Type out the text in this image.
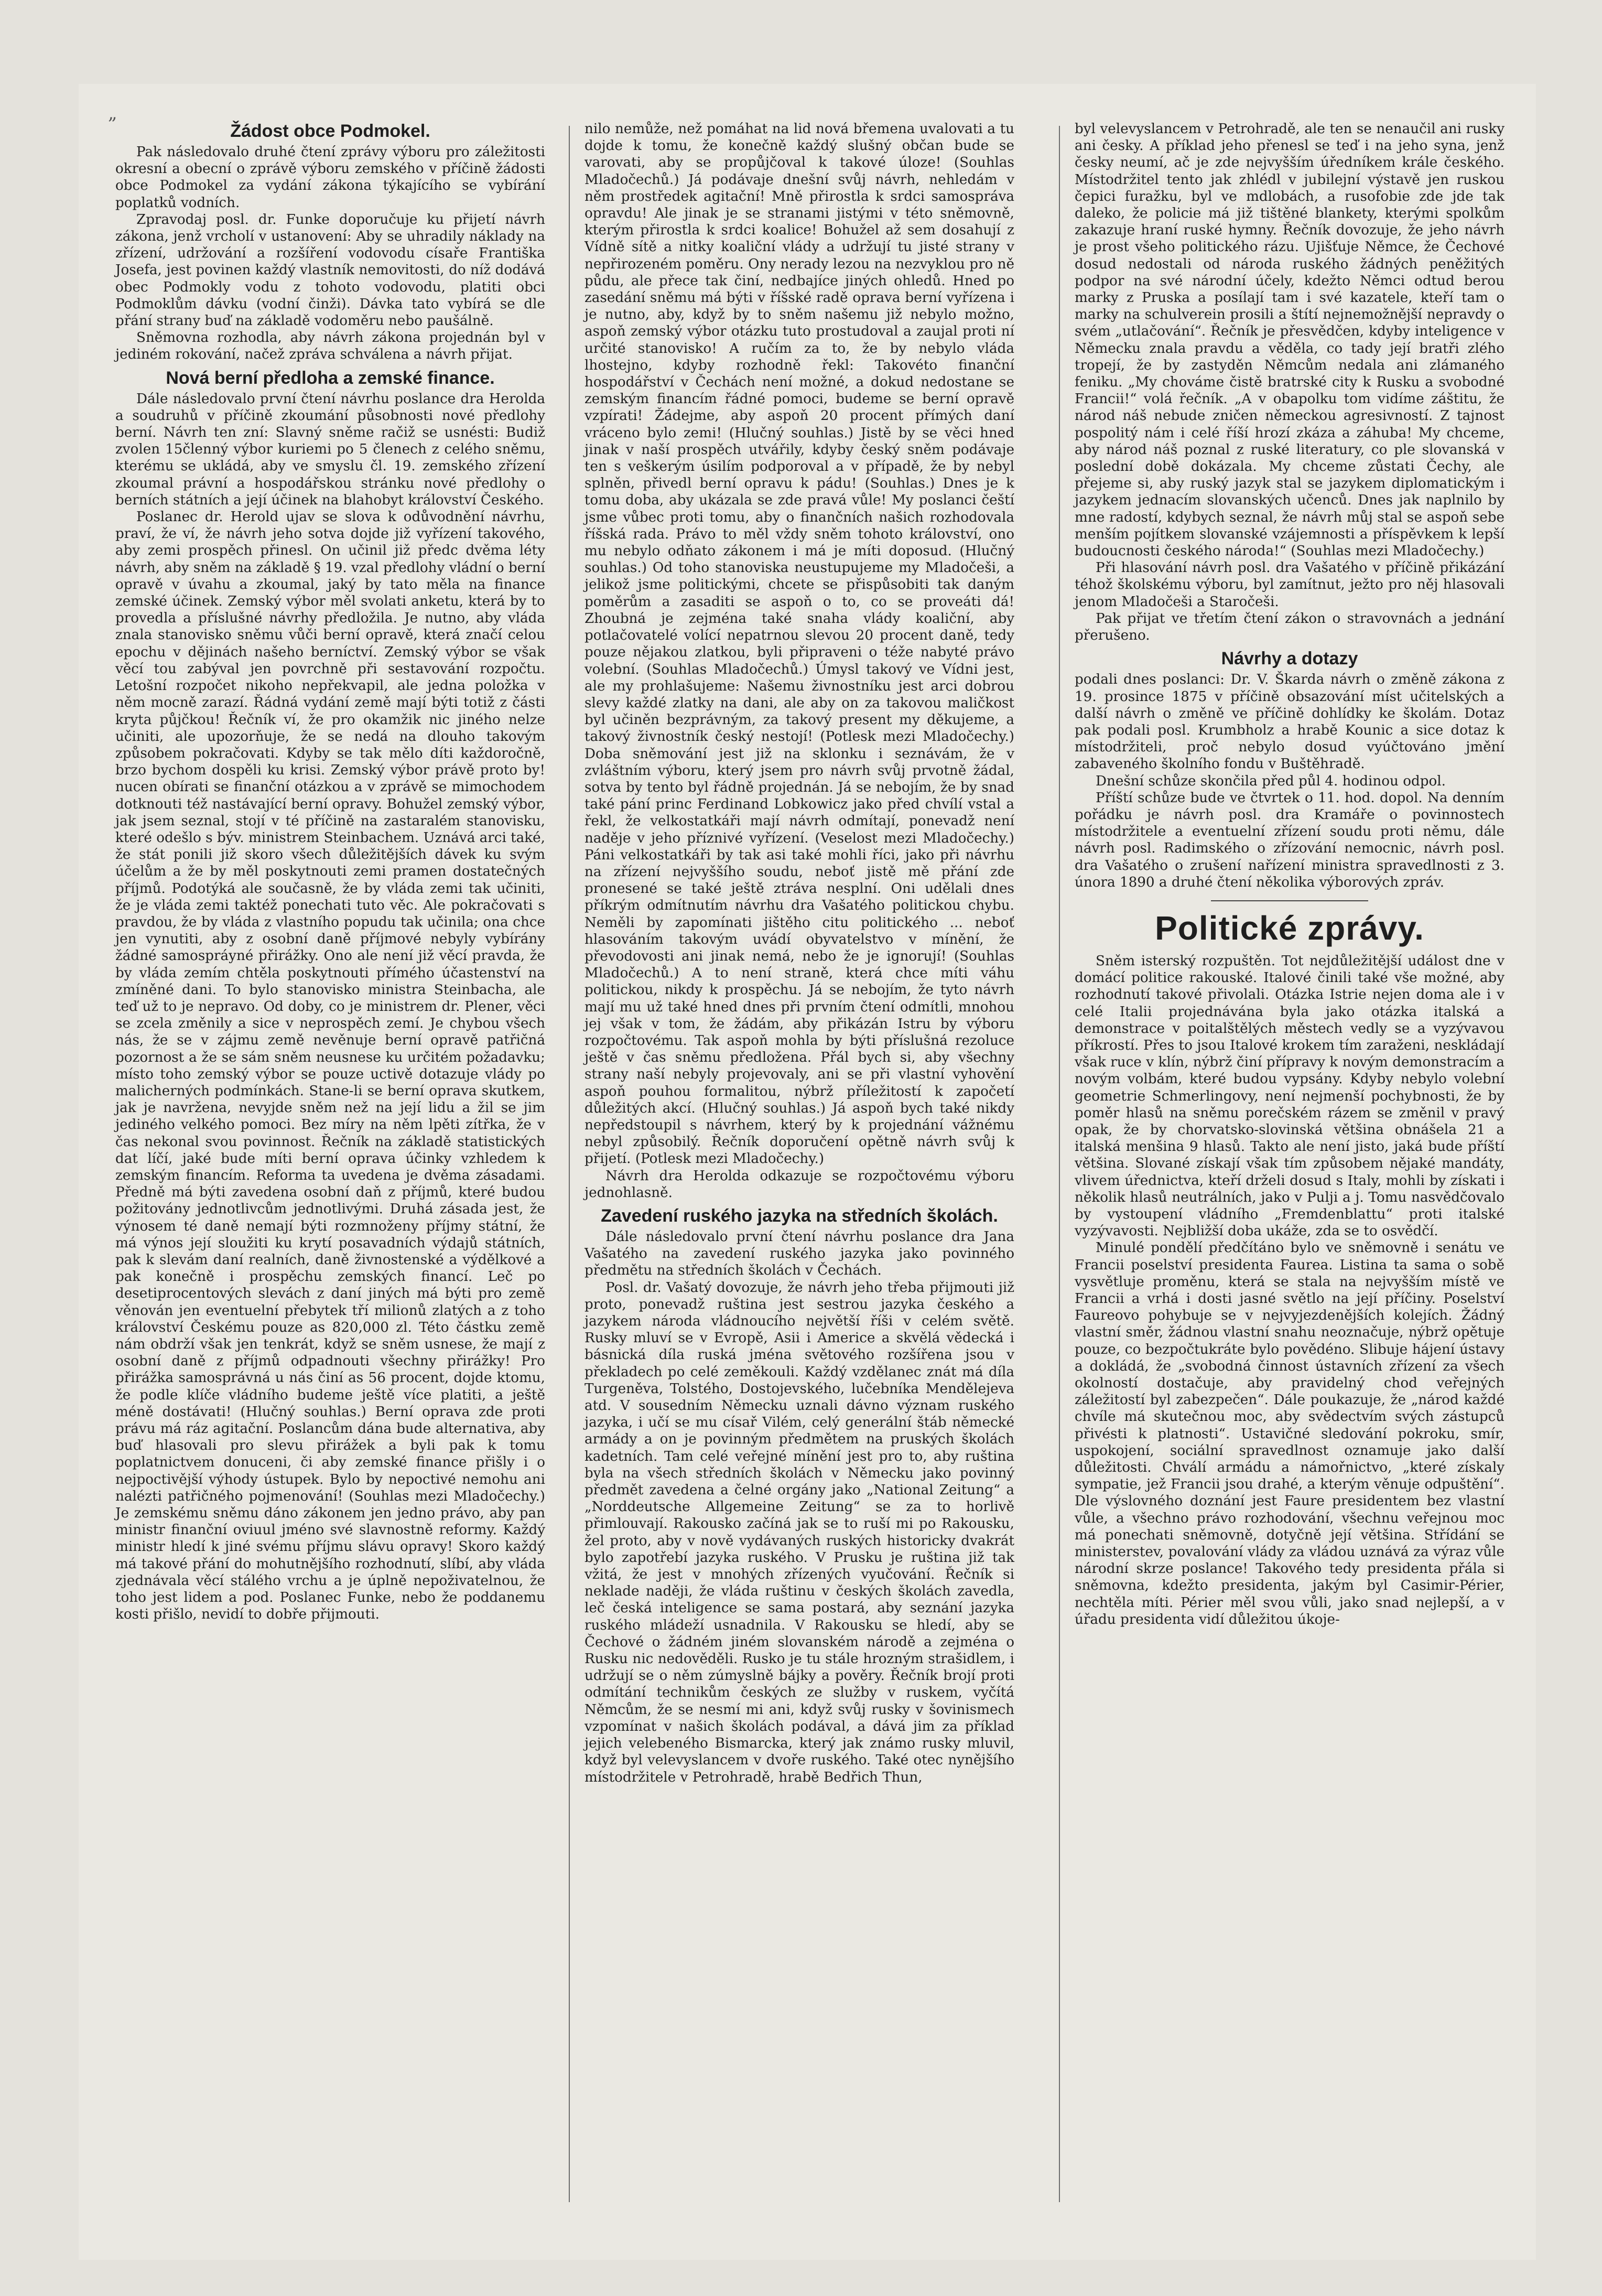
„
Žádost obce Podmokel.

Pak následovalo druhé čtení zprávy výboru pro záležitosti okresní a obecní o zprávě výboru zemského v příčině žádosti obce Podmokel za vydání zákona týkajícího se vybírání poplatků vodních.

Zpravodaj posl. dr. Funke doporučuje ku přijetí návrh zákona, jenž vrcholí v ustanovení: Aby se uhradily náklady na zřízení, udržování a rozšíření vodovodu císaře Františka Josefa, jest povinen každý vlastník nemovitosti, do níž dodává obec Podmokly vodu z tohoto vodovodu, platiti obci Podmoklům dávku (vodní činži). Dávka tato vybírá se dle přání strany buď na základě vodoměru nebo paušálně.

Sněmovna rozhodla, aby návrh zákona projednán byl v jediném rokování, načež zpráva schválena a návrh přijat.

Nová berní předloha a zemské finance.

Dále následovalo první čtení návrhu poslance dra Herolda a soudruhů v příčině zkoumání působnosti nové předlohy berní. Návrh ten zní: Slavný sněme račiž se usnésti: Budiž zvolen 15členný výbor kuriemi po 5 členech z celého sněmu, kterému se ukládá, aby ve smyslu čl. 19. zemského zřízení zkoumal právní a hospodářskou stránku nové předlohy o berních státních a její účinek na blahobyt království Českého.

Poslanec dr. Herold ujav se slova k odůvodnění návrhu, praví, že ví, že návrh jeho sotva dojde již vyřízení takového, aby zemi prospěch přinesl. On učinil již předc dvěma léty návrh, aby sněm na základě § 19. vzal předlohy vládní o berní opravě v úvahu a zkoumal, jaký by tato měla na finance zemské účinek. Zemský výbor měl svolati anketu, která by to provedla a příslušné návrhy předložila. Je nutno, aby vláda znala stanovisko sněmu vůči berní opravě, která značí celou epochu v dějinách našeho berníctví. Zemský výbor se však věcí tou zabýval jen povrchně při sestavování rozpočtu. Letošní rozpočet nikoho nepřekvapil, ale jedna položka v něm mocně zarazí. Řádná vydání země mají býti totiž z části kryta půjčkou! Řečník ví, že pro okamžik nic jiného nelze učiniti, ale upozorňuje, že se nedá na dlouho takovým způsobem pokračovati. Kdyby se tak mělo díti každoročně, brzo bychom dospěli ku krisi. Zemský výbor právě proto by! nucen obírati se finanční otázkou a v zprávě se mimochodem dotknouti též nastávající berní opravy. Bohužel zemský výbor, jak jsem seznal, stojí v té příčině na zastaralém stanovisku, které odešlo s býv. ministrem Steinbachem. Uznává arci také, že stát ponili již skoro všech důležitějších dávek ku svým účelům a že by měl poskytnouti zemi pramen dostatečných příjmů. Podotýká ale současně, že by vláda zemi tak učiniti, že je vláda zemi taktéž ponechati tuto věc. Ale pokračovati s pravdou, že by vláda z vlastního popudu tak učinila; ona chce jen vynutiti, aby z osobní daně příjmové nebyly vybírány žádné samospráyné přirážky. Ono ale není již věcí pravda, že by vláda zemím chtěla poskytnouti přímého účastenství na zmíněné dani. To bylo stanovisko ministra Steinbacha, ale teď už to je nepravo. Od doby, co je ministrem dr. Plener, věci se zcela změnily a sice v neprospěch zemí. Je chybou všech nás, že se v zájmu země nevěnuje berní opravě patřičná pozornost a že se sám sněm neusnese ku určitém požadavku; místo toho zemský výbor se pouze uctivě dotazuje vlády po malicherných podmínkách. Stane-li se berní oprava skutkem, jak je navržena, nevyjde sněm než na její lidu a žil se jim jediného velkého pomoci. Bez míry na něm lpěti zítřka, že v čas nekonal svou povinnost. Řečník na základě statistických dat líčí, jaké bude míti berní oprava účinky vzhledem k zemským financím. Reforma ta uvedena je dvěma zásadami. Předně má býti zavedena osobní daň z příjmů, které budou požitovány jednotlivcům jednotlivými. Druhá zásada jest, že výnosem té daně nemají býti rozmnoženy příjmy státní, že má výnos její sloužiti ku krytí posavadních výdajů státních, pak k slevám daní realních, daně živnostenské a výdělkové a pak konečně i prospěchu zemských financí. Leč po desetiprocentových slevách z daní jiných má býti pro země věnován jen eventuelní přebytek tří milionů zlatých a z toho království Českému pouze as 820,000 zl. Této částku země nám obdrží však jen tenkrát, když se sněm usnese, že mají z osobní daně z příjmů odpadnouti všechny přirážky! Pro přirážka samosprávná u nás činí as 56 procent, dojde ktomu, že podle klíče vládního budeme ještě více platiti, a ještě méně dostávati! (Hlučný souhlas.) Berní oprava zde proti právu má ráz agitační. Poslancům dána bude alternativa, aby buď hlasovali pro slevu přirážek a byli pak k tomu poplatnictvem donuceni, či aby zemské finance přišly i o nejpoctivější výhody ústupek. Bylo by nepoctivé nemohu ani nalézti patřičného pojmenování! (Souhlas mezi Mladočechy.) Je zemskému sněmu dáno zákonem jen jedno právo, aby pan ministr finanční oviuul jméno své slavnostně reformy. Každý ministr hledí k jiné svému příjmu slávu opravy! Skoro každý má takové přání do mohutnějšího rozhodnutí, slíbí, aby vláda zjednávala věcí stálého vrchu a je úplně nepoživatelnou, že toho jest lidem a pod. Poslanec Funke, nebo že poddanemu kosti přišlo, nevidí to dobře přijmouti.

nilo nemůže, než pomáhat na lid nová břemena uvalovati a tu dojde k tomu, že konečně každý slušný občan bude se varovati, aby se propůjčoval k takové úloze! (Souhlas Mladočechů.) Já podávaje dnešní svůj návrh, nehledám v něm prostředek agitační! Mně přirostla k srdci samospráva opravdu! Ale jinak je se stranami jistými v této sněmovně, kterým přirostla k srdci koalice! Bohužel až sem dosahují z Vídně sítě a nitky koaliční vlády a udržují tu jisté strany v nepřirozeném poměru. Ony nerady lezou na nezvyklou pro ně půdu, ale přece tak činí, nedbajíce jiných ohledů. Hned po zasedání sněmu má býti v říšské radě oprava berní vyřízena i je nutno, aby, když by to sněm našemu již nebylo možno, aspoň zemský výbor otázku tuto prostudoval a zaujal proti ní určité stanovisko! A ručím za to, že by nebylo vláda lhostejno, kdyby rozhodně řekl: Takovéto finanční hospodářství v Čechách není možné, a dokud nedostane se zemským financím řádné pomoci, budeme se berní opravě vzpírati! Žádejme, aby aspoň 20 procent přímých daní vráceno bylo zemi! (Hlučný souhlas.) Jistě by se věci hned jinak v naší prospěch utvářily, kdyby český sněm podávaje ten s veškerým úsilím podporoval a v případě, že by nebyl splněn, přivedl berní opravu k pádu! (Souhlas.) Dnes je k tomu doba, aby ukázala se zde pravá vůle! My poslanci čeští jsme vůbec proti tomu, aby o finančních našich rozhodovala říšská rada. Právo to měl vždy sněm tohoto království, ono mu nebylo odňato zákonem i má je míti doposud. (Hlučný souhlas.) Od toho stanoviska neustupujeme my Mladočeši, a jelikož jsme politickými, chcete se přispůsobiti tak daným poměrům a zasaditi se aspoň o to, co se proveáti dá! Zhoubná je zejména také snaha vlády koaliční, aby potlačovatelé volící nepatrnou slevou 20 procent daně, tedy pouze nějakou zlatkou, byli připraveni o téže nabyté právo volební. (Souhlas Mladočechů.) Úmysl takový ve Vídni jest, ale my prohlašujeme: Našemu živnostníku jest arci dobrou slevy každé zlatky na dani, ale aby on za takovou maličkost byl učiněn bezprávným, za takový present my děkujeme, a takový živnostník český nestojí! (Potlesk mezi Mladočechy.) Doba sněmování jest již na sklonku i seznávám, že v zvláštním výboru, který jsem pro návrh svůj prvotně žádal, sotva by tento byl řádně projednán. Já se nebojím, že by snad také pání princ Ferdinand Lobkowicz jako před chvílí vstal a řekl, že velkostatkáři mají návrh odmítají, ponevadž není naděje v jeho příznivé vyřízení. (Veselost mezi Mladočechy.) Páni velkostatkáři by tak asi také mohli říci, jako při návrhu na zřízení nejvyššího soudu, neboť jistě mě přání zde pronesené se také ještě ztráva nesplní. Oni udělali dnes příkrým odmítnutím návrhu dra Vašatého politickou chybu. Neměli by zapomínati jištěho citu politického ... neboť hlasováním takovým uvádí obyvatelstvo v mínění, že převodovosti ani jinak nemá, nebo že je ignorují! (Souhlas Mladočechů.) A to není straně, která chce míti váhu politickou, nikdy k prospěchu. Já se nebojím, že tyto návrh mají mu už také hned dnes při prvním čtení odmítli, mnohou jej však v tom, že žádám, aby přikázán Istru by výboru rozpočtovému. Tak aspoň mohla by býti příslušná rezoluce ještě v čas sněmu předložena. Přál bych si, aby všechny strany naší nebyly projevovaly, ani se při vlastní vyhovění aspoň pouhou formalitou, nýbrž příležitostí k započetí důležitých akcí. (Hlučný souhlas.) Já aspoň bych také nikdy nepředstoupil s návrhem, který by k projednání vážnému nebyl způsobilý. Řečník doporučení opětně návrh svůj k přijetí. (Potlesk mezi Mladočechy.)

Návrh dra Herolda odkazuje se rozpočtovému výboru jednohlasně.

Zavedení ruského jazyka na středních školách.

Dále následovalo první čtení návrhu poslance dra Jana Vašatého na zavedení ruského jazyka jako povinného předmětu na středních školách v Čechách.

Posl. dr. Vašatý dovozuje, že návrh jeho třeba přijmouti již proto, ponevadž ruština jest sestrou jazyka českého a jazykem národa vládnoucího největší říši v celém světě. Rusky mluví se v Evropě, Asii i Americe a skvělá vědecká i básnická díla ruská jména světového rozšířena jsou v překladech po celé zeměkouli. Každý vzdělanec znát má díla Turgeněva, Tolstého, Dostojevského, lučebníka Mendělejeva atd. V sousedním Německu uznali dávno význam ruského jazyka, i učí se mu císař Vilém, celý generální štáb německé armády a on je povinným předmětem na pruských školách kadetních. Tam celé veřejné mínění jest pro to, aby ruština byla na všech středních školách v Německu jako povinný předmět zavedena a čelné orgány jako „National Zeitung“ a „Norddeutsche Allgemeine Zeitung“ se za to horlivě přimlouvají. Rakousko začíná jak se to ruší mi po Rakousku, žel proto, aby v nově vydávaných ruských historicky dvakrát bylo zapotřebí jazyka ruského. V Prusku je ruština již tak vžitá, že jest v mnohých zřízených vyučování. Řečník si neklade naději, že vláda ruštinu v českých školách zavedla, leč česká inteligence se sama postará, aby seznání jazyka ruského mládeží usnadnila. V Rakousku se hledí, aby se Čechové o žádném jiném slovanském národě a zejména o Rusku nic nedověděli. Rusko je tu stále hrozným strašidlem, i udržují se o něm zúmyslně bájky a pověry. Řečník brojí proti odmítání technikům českých ze služby v ruskem, vyčítá Němcům, že se nesmí mi ani, když svůj rusky v šovinismech vzpomínat v našich školách podával, a dává jim za příklad jejich velebeného Bismarcka, který jak známo rusky mluvil, když byl velevyslancem v dvoře ruského. Také otec nynějšího místodržitele v Petrohradě, hrabě Bedřich Thun,

byl velevyslancem v Petrohradě, ale ten se nenaučil ani rusky ani česky. A příklad jeho přenesl se teď i na jeho syna, jenž česky neumí, ač je zde nejvyšším úředníkem krále českého. Místodržitel tento jak zhlédl v jubilejní výstavě jen ruskou čepici furažku, byl ve mdlobách, a rusofobie zde jde tak daleko, že policie má již tištěné blankety, kterými spolkům zakazuje hraní ruské hymny. Řečník dovozuje, že jeho návrh je prost všeho politického rázu. Ujišťuje Němce, že Čechové dosud nedostali od národa ruského žádných peněžitých podpor na své národní účely, kdežto Němci odtud berou marky z Pruska a posílají tam i své kazatele, kteří tam o marky na schulverein prosili a štítí nejnemožnější nepravdy o svém „utlačování“. Řečník je přesvědčen, kdyby inteligence v Německu znala pravdu a věděla, co tady její bratři zlého tropejí, že by zastyděn Němcům nedala ani zlámaného feniku. „My chováme čistě bratrské city k Rusku a svobodné Francii!“ volá řečník. „A v obapolku tom vidíme záštitu, že národ náš nebude zničen německou agresivností. Z tajnost pospolitý nám i celé říší hrozí zkáza a záhuba! My chceme, aby národ náš poznal z ruské literatury, co ple slovanská v poslední době dokázala. My chceme zůstati Čechy, ale přejeme si, aby ruský jazyk stal se jazykem diplomatickým i jazykem jednacím slovanských učenců. Dnes jak naplnilo by mne radostí, kdybych seznal, že návrh můj stal se aspoň sebe menším pojítkem slovanské vzájemnosti a příspěvkem k lepší budoucnosti českého národa!“ (Souhlas mezi Mladočechy.)

Při hlasování návrh posl. dra Vašatého v příčině přikázání téhož školskému výboru, byl zamítnut, ježto pro něj hlasovali jenom Mladočeši a Staročeši.

Pak přijat ve třetím čtení zákon o stravovnách a jednání přerušeno.

Návrhy a dotazy

podali dnes poslanci: Dr. V. Škarda návrh o změně zákona z 19. prosince 1875 v příčině obsazování míst učitelských a další návrh o změně ve příčině dohlídky ke školám. Dotaz pak podali posl. Krumbholz a hrabě Kounic a sice dotaz k místodržiteli, proč nebylo dosud vyúčtováno jmění zabaveného školního fondu v Buštěhradě.

Dnešní schůze skončila před půl 4. hodinou odpol.

Příští schůze bude ve čtvrtek o 11. hod. dopol. Na denním pořádku je návrh posl. dra Kramáře o povinnostech místodržitele a eventuelní zřízení soudu proti němu, dále návrh posl. Radimského o zřízování nemocnic, návrh posl. dra Vašatého o zrušení nařízení ministra spravedlnosti z 3. února 1890 a druhé čtení několika výborových zpráv.

Politické zprávy.

Sněm isterský rozpuštěn. Tot nejdůležitější událost dne v domácí politice rakouské. Italové činili také vše možné, aby rozhodnutí takové přivolali. Otázka Istrie nejen doma ale i v celé Italii projednávána byla jako otázka italská a demonstrace v poitalštělých městech vedly se a vyzývavou příkrostí. Přes to jsou Italové krokem tím zaraženi, neskládají však ruce v klín, nýbrž činí přípravy k novým demonstracím a novým volbám, které budou vypsány. Kdyby nebylo volební geometrie Schmerlingovy, není nejmenší pochybnosti, že by poměr hlasů na sněmu porečském rázem se změnil v pravý opak, že by chorvatsko-slovinská většina obnášela 21 a italská menšina 9 hlasů. Takto ale není jisto, jaká bude příští většina. Slované získají však tím způsobem nějaké mandáty, vlivem úřednictva, kteří drželi dosud s Italy, mohli by získati i několik hlasů neutrálních, jako v Pulji a j. Tomu nasvědčovalo by vystoupení vládního „Fremdenblattu“ proti italské vyzývavosti. Nejbližší doba ukáže, zda se to osvědčí.

Minulé pondělí předčítáno bylo ve sněmovně i senátu ve Francii poselství presidenta Faurea. Listina ta sama o sobě vysvětluje proměnu, která se stala na nejvyšším místě ve Francii a vrhá i dosti jasné světlo na její příčiny. Poselství Faureovo pohybuje se v nejvyjezdenějších kolejích. Žádný vlastní směr, žádnou vlastní snahu neoznačuje, nýbrž opětuje pouze, co bezpočtukráte bylo povědéno. Slibuje hájení ústavy a dokládá, že „svobodná činnost ústavních zřízení za všech okolností dostačuje, aby pravidelný chod veřejných záležitostí byl zabezpečen“. Dále poukazuje, že „národ každé chvíle má skutečnou moc, aby svědectvím svých zástupců přivésti k platnosti“. Ustavičné sledování pokroku, smír, uspokojení, sociální spravedlnost oznamuje jako další důležitosti. Chválí armádu a námořnictvo, „které získaly sympatie, jež Francii jsou drahé, a kterým věnuje odpuštění“. Dle výslovného doznání jest Faure presidentem bez vlastní vůle, a všechno právo rozhodování, všechnu veřejnou moc má ponechati sněmovně, dotyčně její většina. Střídání se ministerstev, povalování vlády za vládou uznává za výraz vůle národní skrze poslance! Takového tedy presidenta přála si sněmovna, kdežto presidenta, jakým byl Casimir-Périer, nechtěla míti. Périer měl svou vůli, jako snad nejlepší, a v úřadu presidenta vidí důležitou úkoje-
